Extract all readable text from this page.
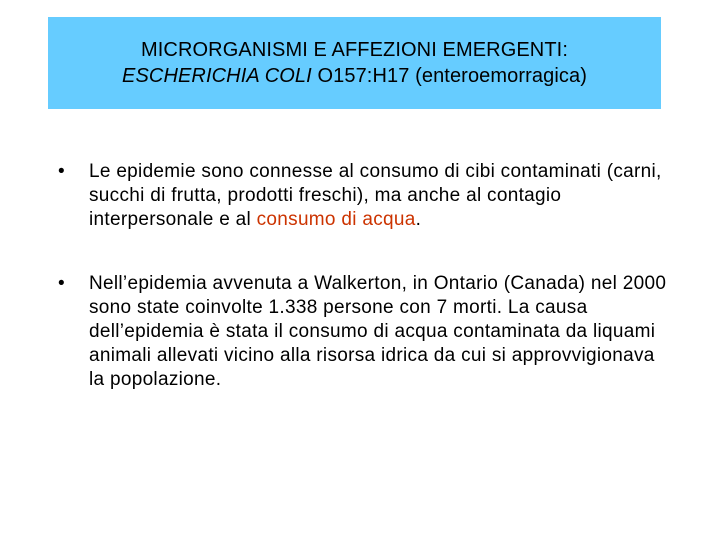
MICRORGANISMI E AFFEZIONI EMERGENTI:
ESCHERICHIA COLI O157:H17 (enteroemorragica)
•	Le epidemie sono connesse al consumo di cibi contaminati (carni, succhi di frutta, prodotti freschi), ma anche al contagio interpersonale e al consumo di acqua.
•	Nell’epidemia avvenuta a Walkerton, in Ontario (Canada) nel 2000 sono state coinvolte 1.338 persone con 7 morti. La causa dell’epidemia è stata il consumo di acqua contaminata da liquami animali allevati vicino alla risorsa idrica da cui si approvvigionava la popolazione.
